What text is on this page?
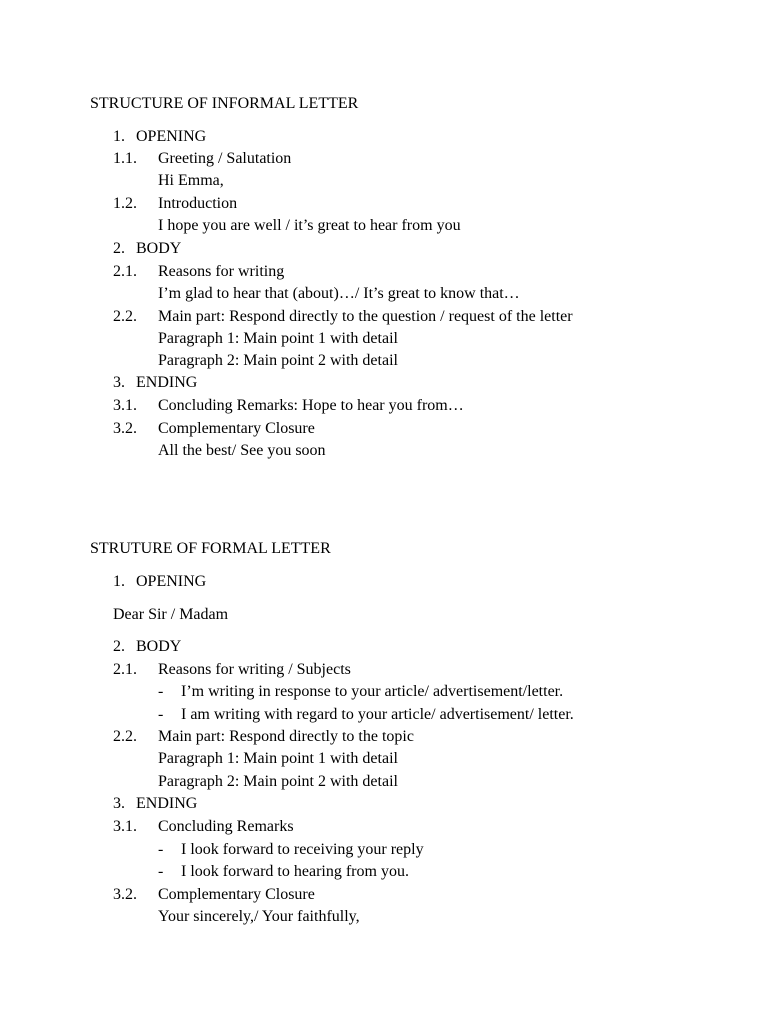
STRUCTURE OF INFORMAL LETTER

1. OPENING
1.1. Greeting / Salutation
Hi Emma,
1.2. Introduction
I hope you are well / it’s great to hear from you
2. BODY
2.1. Reasons for writing
I’m glad to hear that (about)…/ It’s great to know that…
2.2. Main part: Respond directly to the question / request of the letter
Paragraph 1: Main point 1 with detail
Paragraph 2: Main point 2 with detail
3. ENDING
3.1. Concluding Remarks: Hope to hear you from…
3.2. Complementary Closure
All the best/ See you soon

STRUTURE OF FORMAL LETTER

1. OPENING
Dear Sir / Madam
2. BODY
2.1. Reasons for writing / Subjects
- I’m writing in response to your article/ advertisement/letter.
- I am writing with regard to your article/ advertisement/ letter.
2.2. Main part: Respond directly to the topic
Paragraph 1: Main point 1 with detail
Paragraph 2: Main point 2 with detail
3. ENDING
3.1. Concluding Remarks
- I look forward to receiving your reply
- I look forward to hearing from you.
3.2. Complementary Closure
Your sincerely,/ Your faithfully,
